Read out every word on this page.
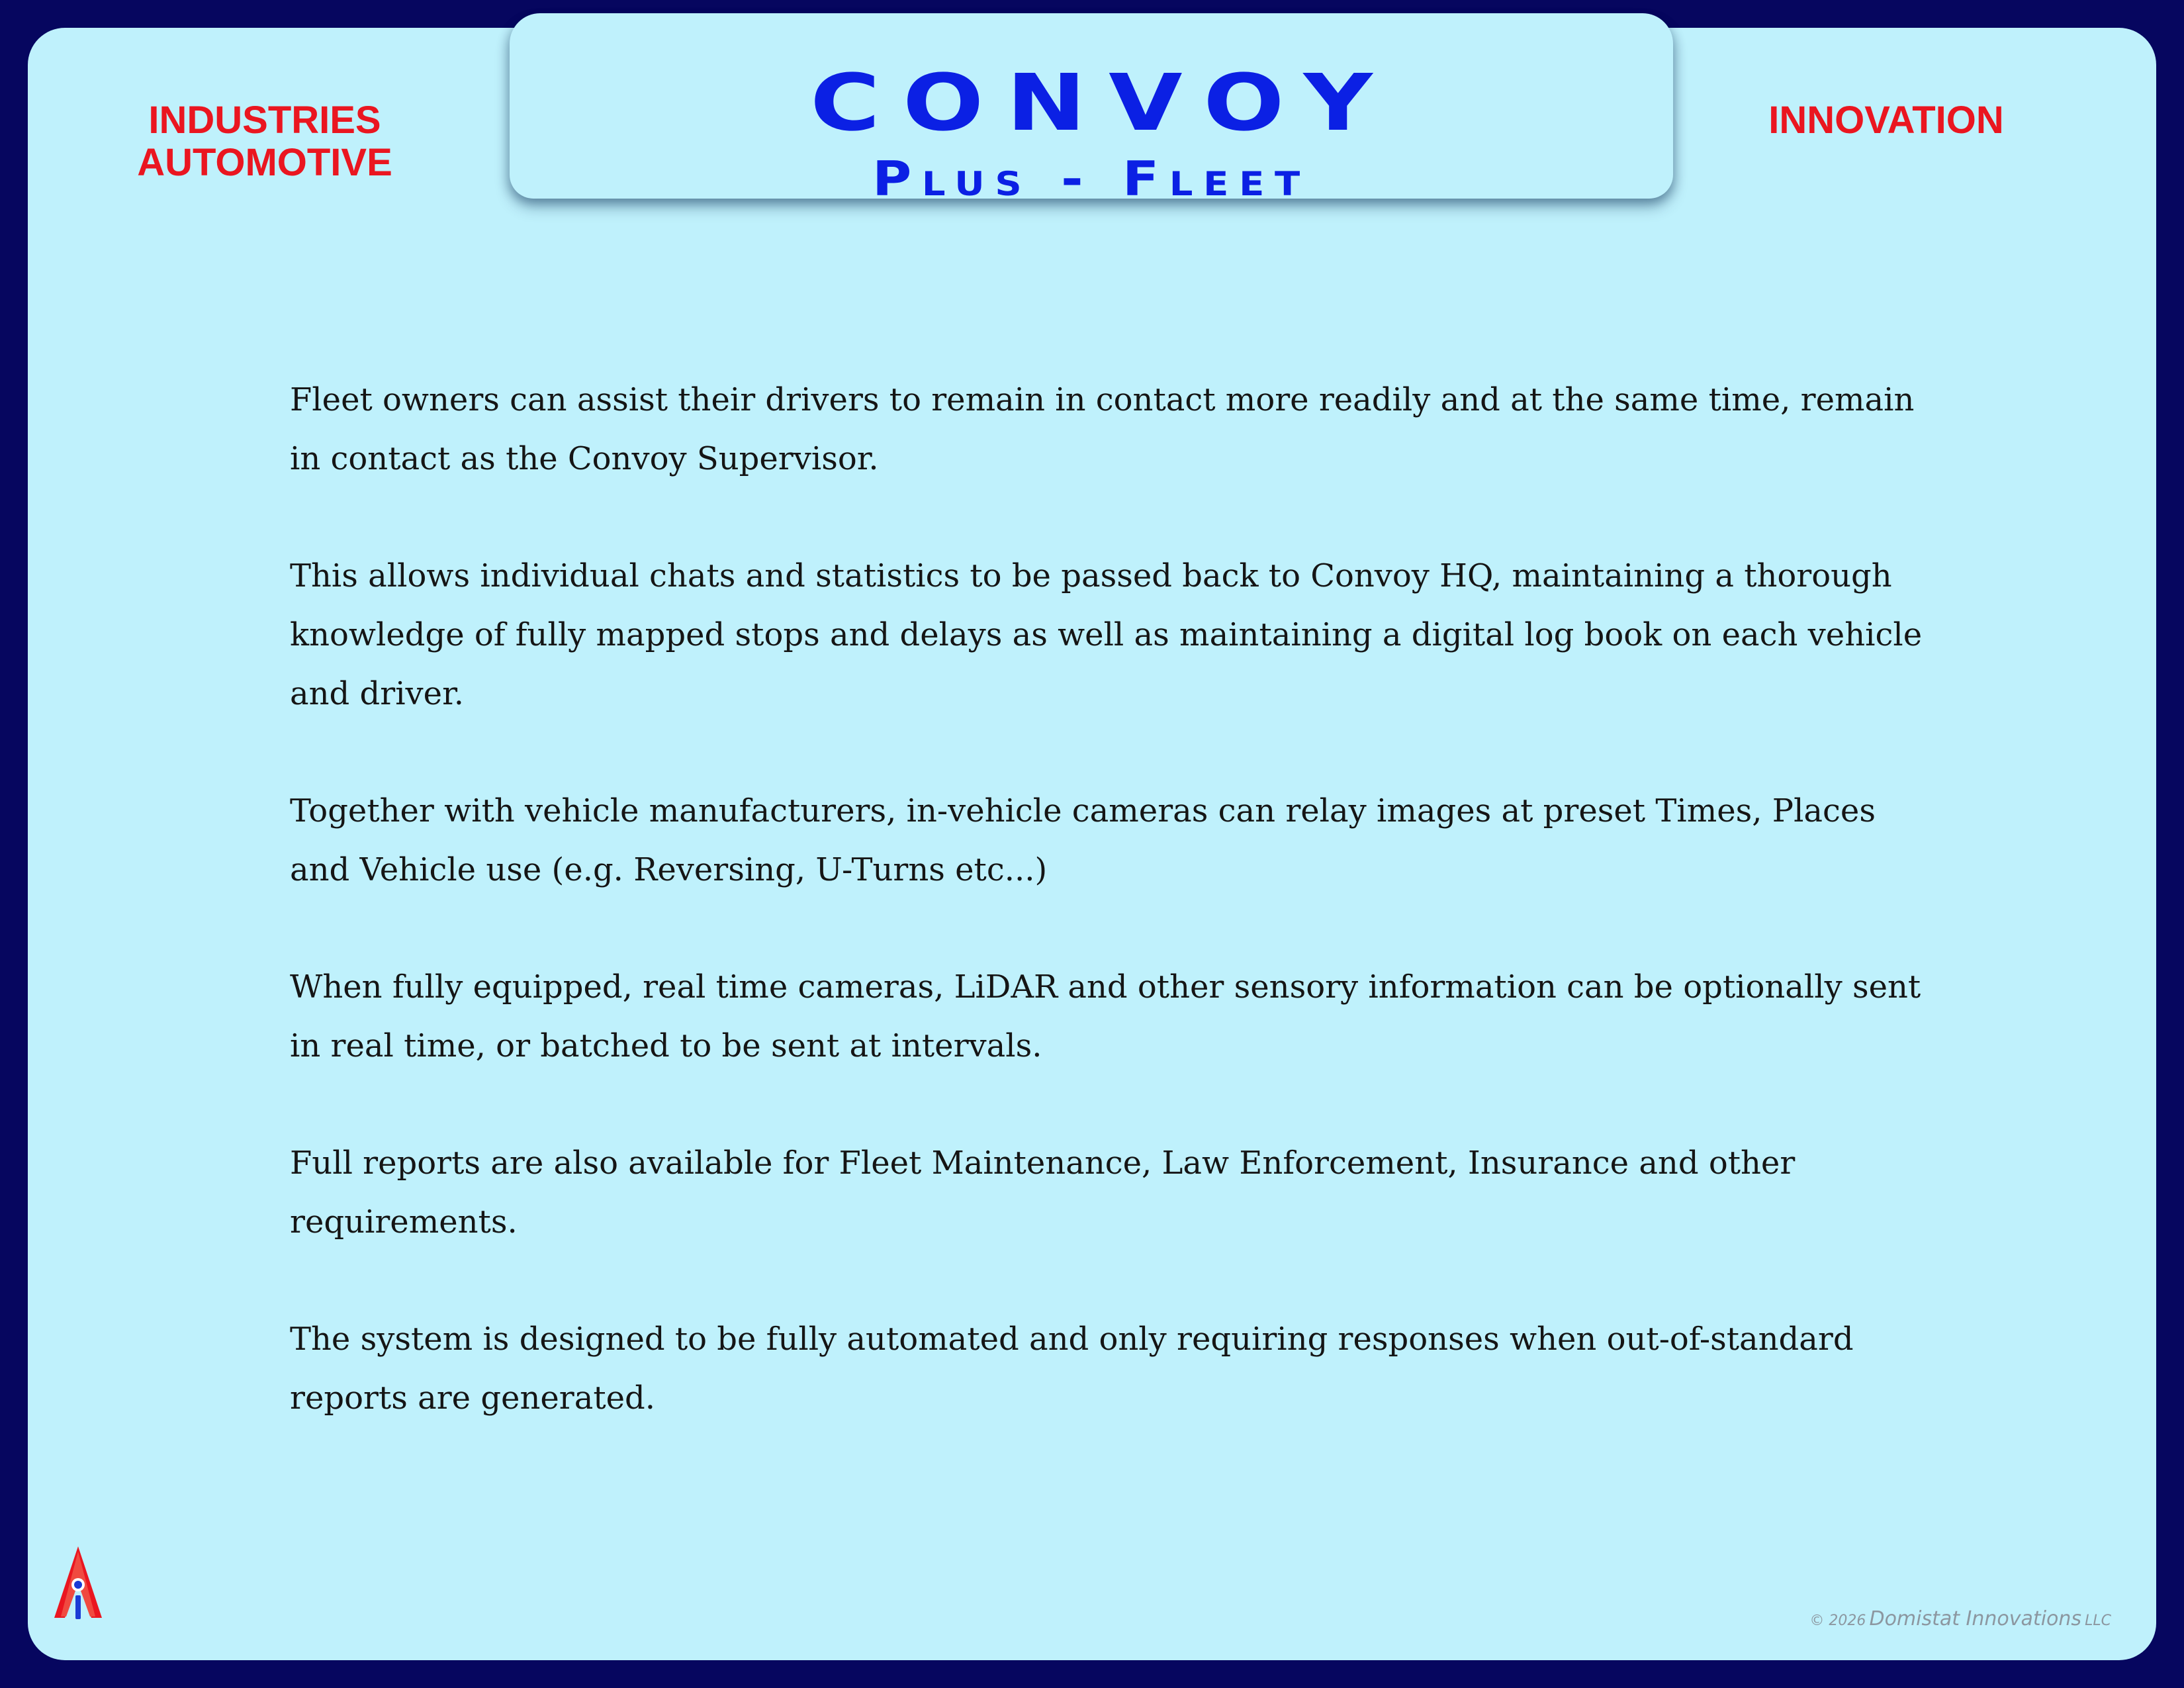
CONVOY
Plus - Fleet
INDUSTRIES
AUTOMOTIVE
INNOVATION

Fleet owners can assist their drivers to remain in contact more readily and at the same time, remain in contact as the Convoy Supervisor.

This allows individual chats and statistics to be passed back to Convoy HQ, maintaining a thorough knowledge of fully mapped stops and delays as well as maintaining a digital log book on each vehicle and driver.

Together with vehicle manufacturers, in-vehicle cameras can relay images at preset Times, Places and Vehicle use (e.g. Reversing, U-Turns etc...)

When fully equipped, real time cameras, LiDAR and other sensory information can be optionally sent in real time, or batched to be sent at intervals.

Full reports are also available for Fleet Maintenance, Law Enforcement, Insurance and other requirements.

The system is designed to be fully automated and only requiring responses when out-of-standard reports are generated.

© 2026 Domistat Innovations LLC
